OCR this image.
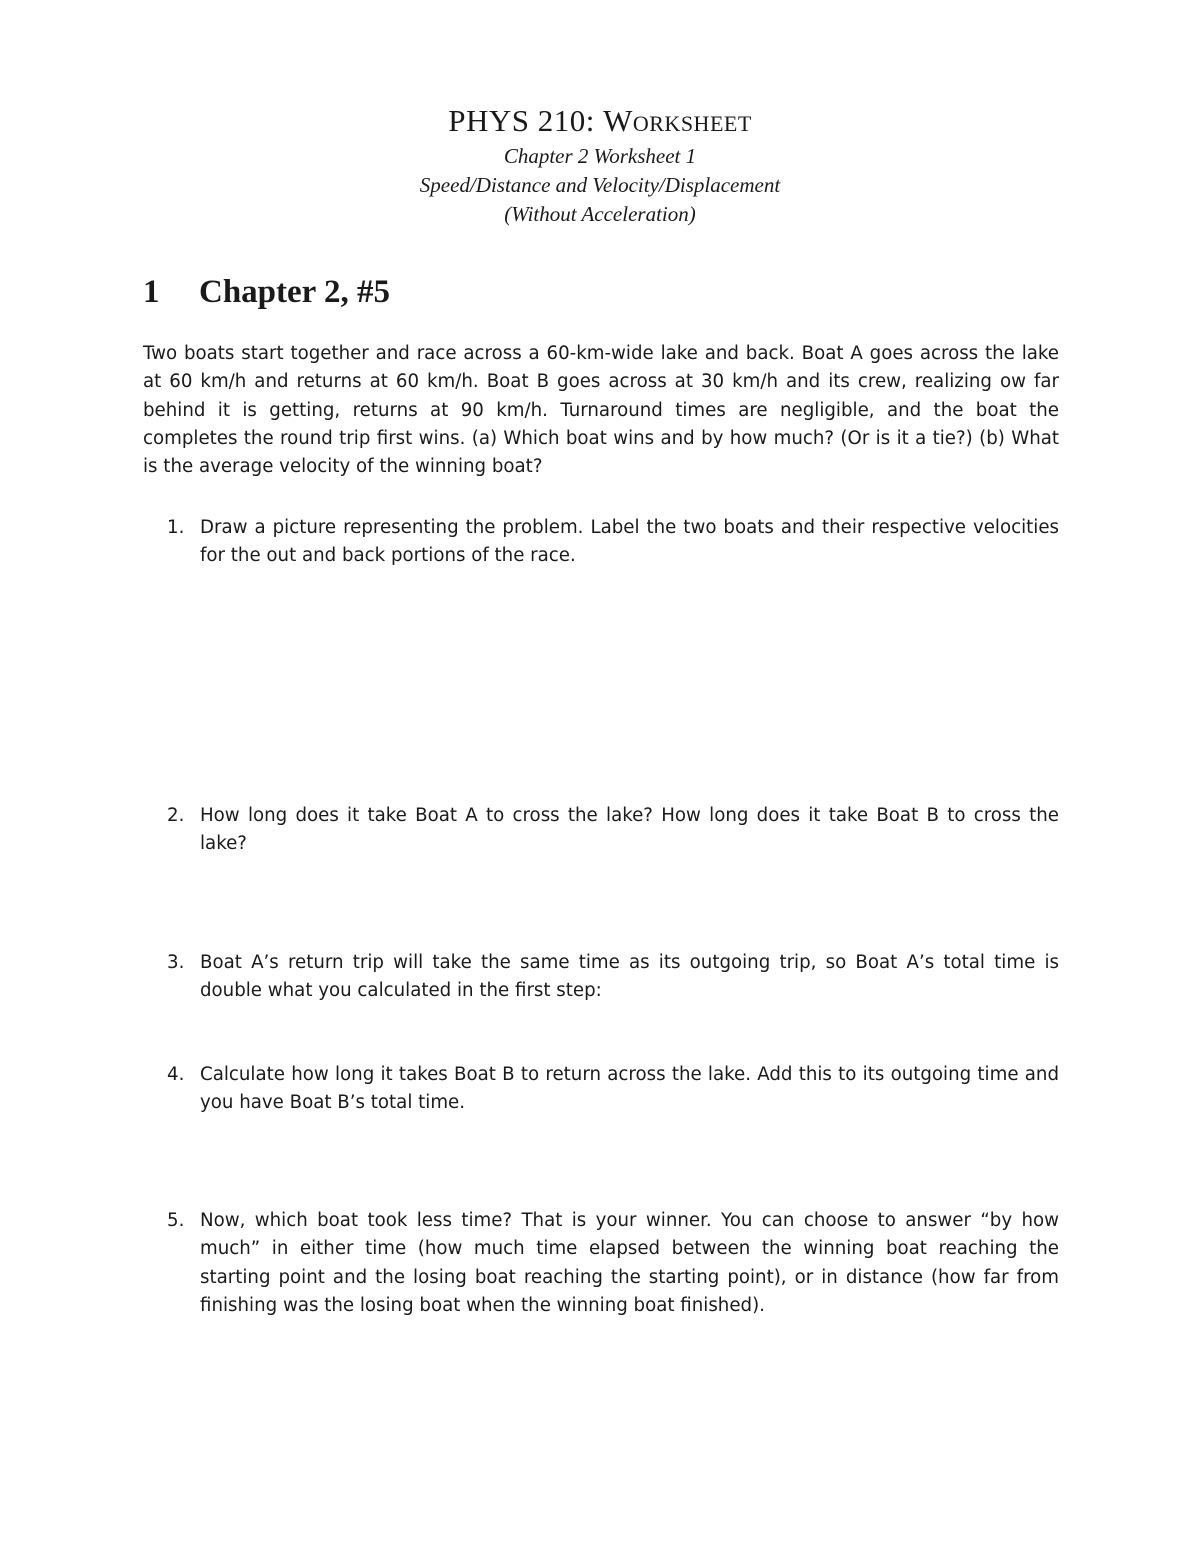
PHYS 210: Worksheet

Chapter 2 Worksheet 1

Speed/Distance and Velocity/Displacement

(Without Acceleration)

1 Chapter 2, #5

Two boats start together and race across a 60-km-wide lake and back. Boat A goes across the lake at 60 km/h and returns at 60 km/h. Boat B goes across at 30 km/h and its crew, realizing ow far behind it is getting, returns at 90 km/h. Turnaround times are negligible, and the boat the completes the round trip first wins. (a) Which boat wins and by how much? (Or is it a tie?) (b) What is the average velocity of the winning boat?

1. Draw a picture representing the problem. Label the two boats and their respective velocities for the out and back portions of the race.
2. How long does it take Boat A to cross the lake? How long does it take Boat B to cross the lake?
3. Boat A’s return trip will take the same time as its outgoing trip, so Boat A’s total time is double what you calculated in the first step:
4. Calculate how long it takes Boat B to return across the lake. Add this to its outgoing time and you have Boat B’s total time.
5. Now, which boat took less time? That is your winner. You can choose to answer “by how much” in either time (how much time elapsed between the winning boat reaching the starting point and the losing boat reaching the starting point), or in distance (how far from finishing was the losing boat when the winning boat finished).
